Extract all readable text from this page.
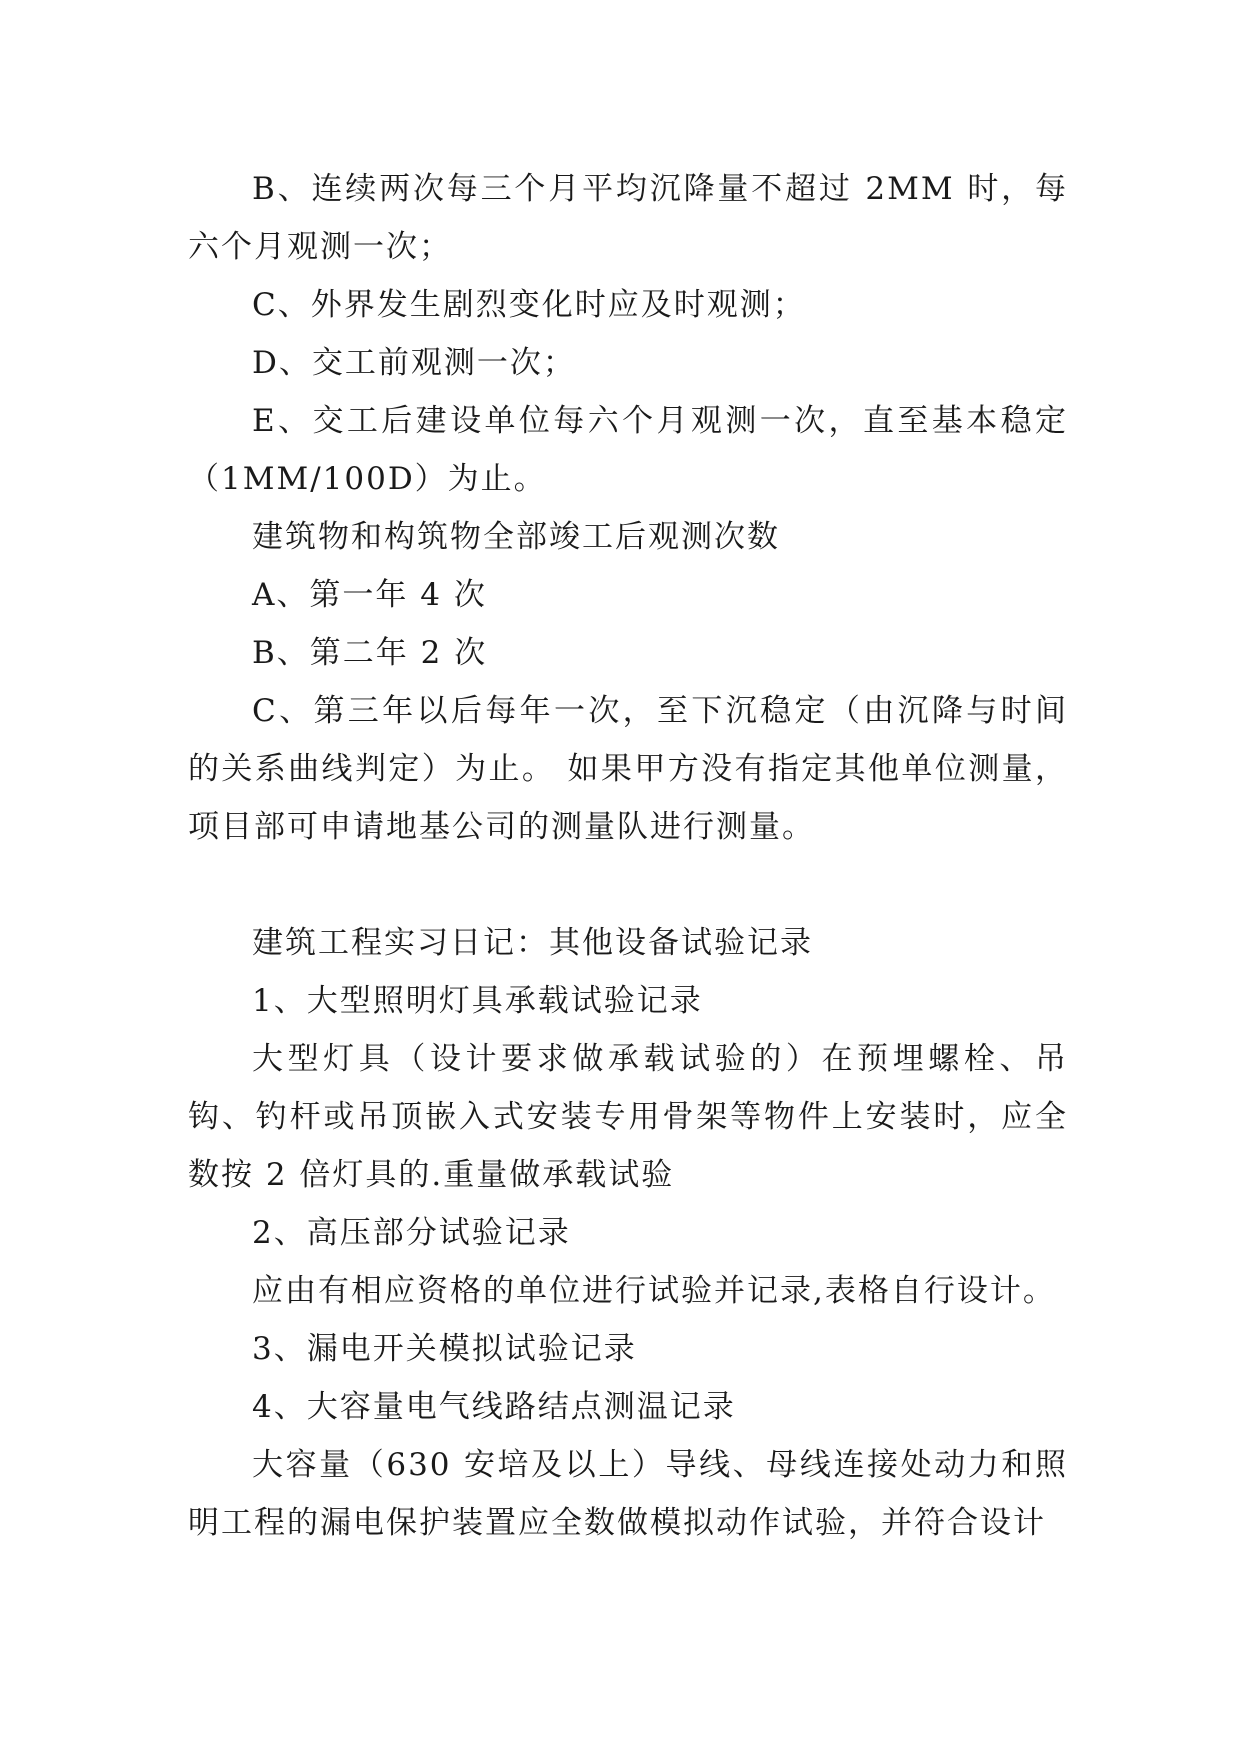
B、连续两次每三个月平均沉降量不超过 2MM 时，每六个月观测一次；

C、外界发生剧烈变化时应及时观测；

D、交工前观测一次；

E、交工后建设单位每六个月观测一次，直至基本稳定（1MM/100D）为止。

建筑物和构筑物全部竣工后观测次数

A、第一年 4 次

B、第二年 2 次

C、第三年以后每年一次，至下沉稳定（由沉降与时间的关系曲线判定）为止。 如果甲方没有指定其他单位测量，项目部可申请地基公司的测量队进行测量。

建筑工程实习日记：其他设备试验记录

1、大型照明灯具承载试验记录

大型灯具（设计要求做承载试验的）在预埋螺栓、吊钩、钓杆或吊顶嵌入式安装专用骨架等物件上安装时，应全数按 2 倍灯具的.重量做承载试验

2、高压部分试验记录

应由有相应资格的单位进行试验并记录,表格自行设计。

3、漏电开关模拟试验记录

4、大容量电气线路结点测温记录

大容量（630 安培及以上）导线、母线连接处动力和照明工程的漏电保护装置应全数做模拟动作试验，并符合设计
